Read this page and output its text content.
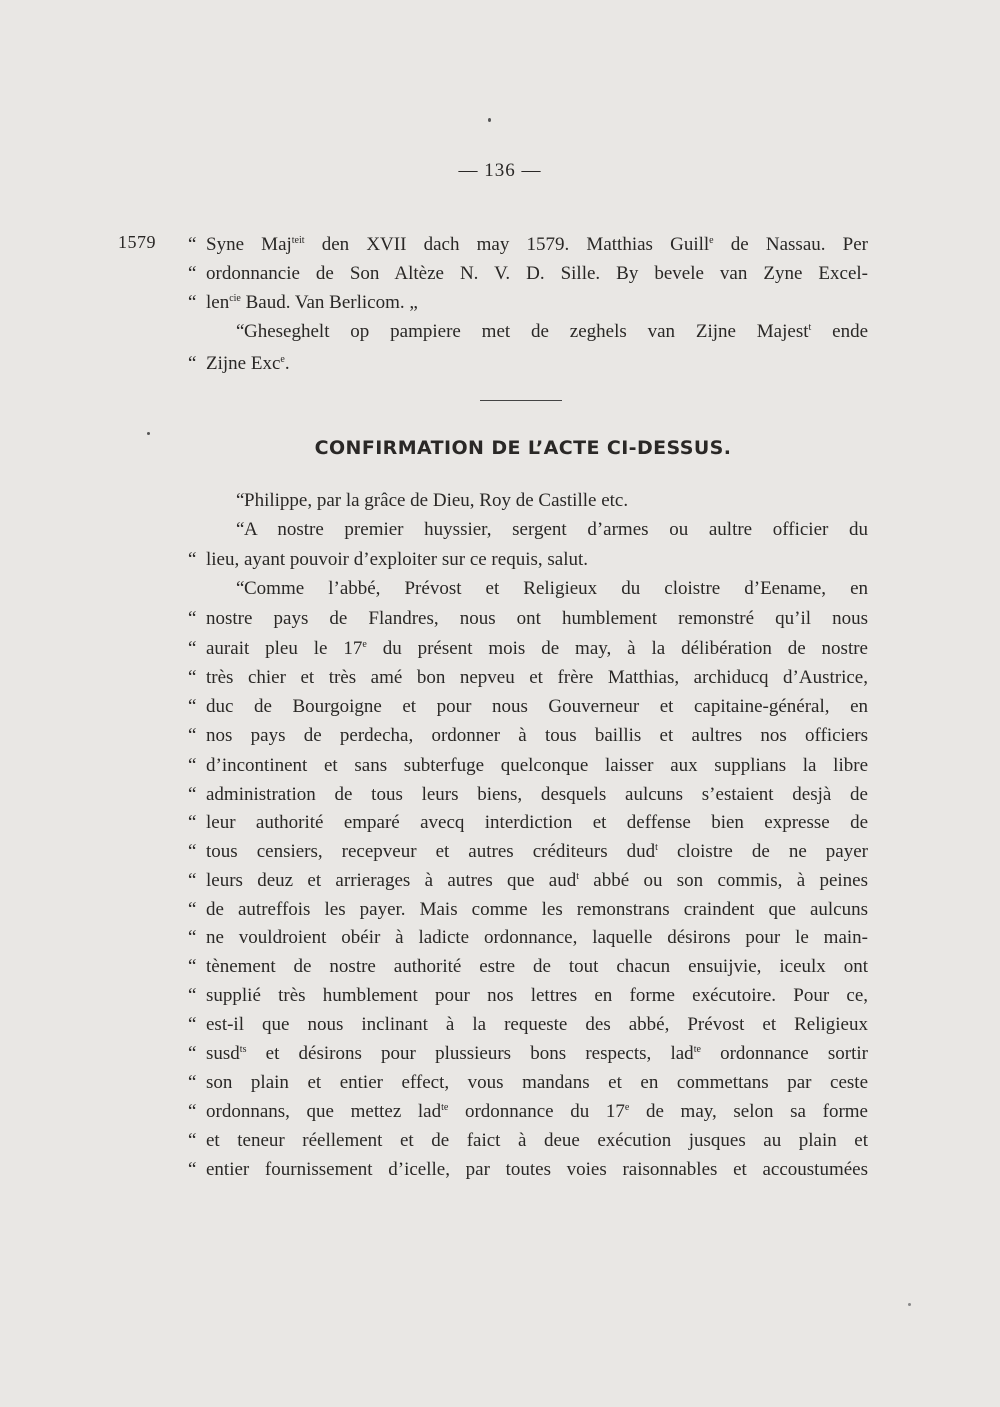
— 136 —
1579
CONFIRMATION DE L’ACTE CI-DESSUS.
“ Syne Maj$^{teit}$ den XVII dach may 1579. Matthias Guill$^e$ de Nassau. Per
“ ordonnancie de Son Altèze N. V. D. Sille. By bevele van Zyne Excel-
“ len$^{cie}$ Baud. Van Berlicom. „
“ Gheseghelt op pampiere met de zeghels van Zijne Majest$^t$ ende
“ Zijne Exc$^e$.
“ Philippe, par la grâce de Dieu, Roy de Castille etc.
“ A nostre premier huyssier, sergent d’armes ou aultre officier du
“ lieu, ayant pouvoir d’exploiter sur ce requis, salut.
“ Comme l’abbé, Prévost et Religieux du cloistre d’Eename, en
“ nostre pays de Flandres, nous ont humblement remonstré qu’il nous
“ aurait pleu le 17e du présent mois de may, à la délibération de nostre
“ très chier et très amé bon nepveu et frère Matthias, archiducq d’Austrice,
“ duc de Bourgoigne et pour nous Gouverneur et capitaine-général, en
“ nos pays de perdecha, ordonner à tous baillis et aultres nos officiers
“ d’incontinent et sans subterfuge quelconque laisser aux supplians la libre
“ administration de tous leurs biens, desquels aulcuns s’estaient desjà de
“ leur authorité emparé avecq interdiction et deffense bien expresse de
“ tous censiers, recepveur et autres créditeurs dud$^t$ cloistre de ne payer
“ leurs deuz et arrierages à autres que aud$^t$ abbé ou son commis, à peines
“ de autreffois les payer. Mais comme les remonstrans craindent que aulcuns
“ ne vouldroient obéir à ladicte ordonnance, laquelle désirons pour le main-
“ tènement de nostre authorité estre de tout chacun ensuijvie, iceulx ont
“ supplié très humblement pour nos lettres en forme exécutoire. Pour ce,
“ est-il que nous inclinant à la requeste des abbé, Prévost et Religieux
“ susd$^{ts}$ et désirons pour plussieurs bons respects, lad$^{te}$ ordonnance sortir
“ son plain et entier effect, vous mandans et en commettans par ceste
“ ordonnans, que mettez lad$^{te}$ ordonnance du 17e de may, selon sa forme
“ et teneur réellement et de faict à deue exécution jusques au plain et
“ entier fournissement d’icelle, par toutes voies raisonnables et accoustumées
